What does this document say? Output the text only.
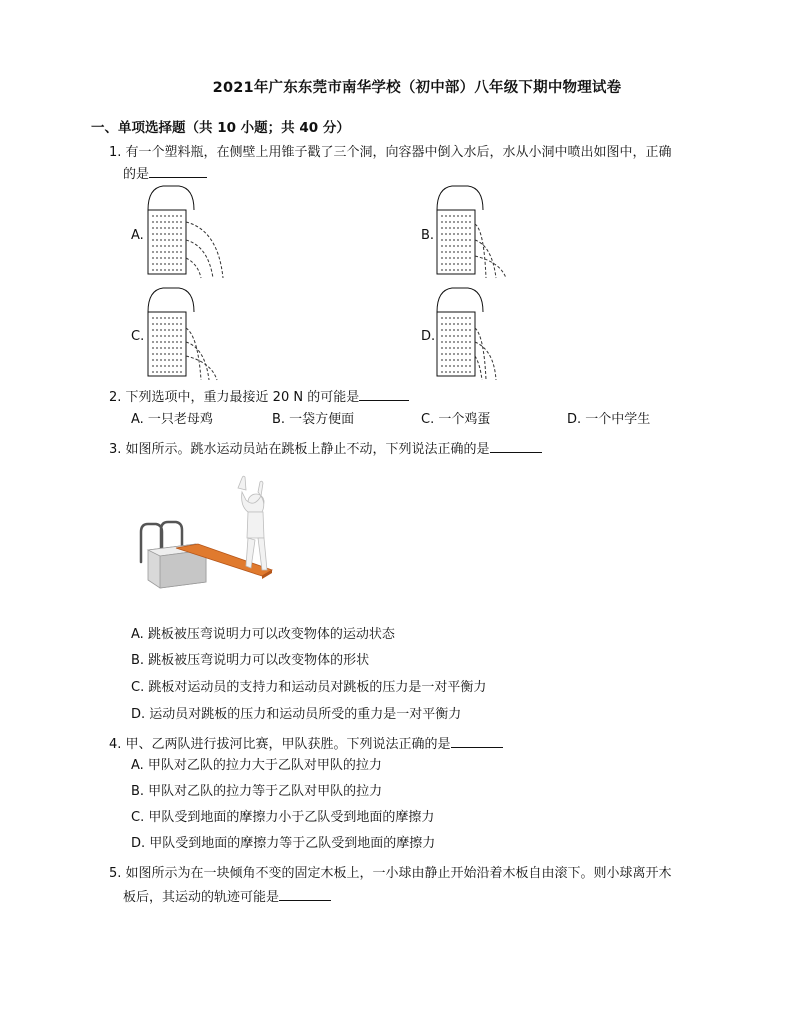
2021年广东东莞市南华学校（初中部）八年级下期中物理试卷
一、单项选择题（共 10 小题；共 40 分）
1. 有一个塑料瓶，在侧壁上用锥子戳了三个洞，向容器中倒入水后，水从小洞中喷出如图中，正确
的是
A.	B.
C.	D.
2. 下列选项中，重力最接近 20 N 的可能是
A. 一只老母鸡	B. 一袋方便面	C. 一个鸡蛋	D. 一个中学生
3. 如图所示。跳水运动员站在跳板上静止不动，下列说法正确的是
A. 跳板被压弯说明力可以改变物体的运动状态
B. 跳板被压弯说明力可以改变物体的形状
C. 跳板对运动员的支持力和运动员对跳板的压力是一对平衡力
D. 运动员对跳板的压力和运动员所受的重力是一对平衡力
4. 甲、乙两队进行拔河比赛，甲队获胜。下列说法正确的是
A. 甲队对乙队的拉力大于乙队对甲队的拉力
B. 甲队对乙队的拉力等于乙队对甲队的拉力
C. 甲队受到地面的摩擦力小于乙队受到地面的摩擦力
D. 甲队受到地面的摩擦力等于乙队受到地面的摩擦力
5. 如图所示为在一块倾角不变的固定木板上，一小球由静止开始沿着木板自由滚下。则小球离开木
板后，其运动的轨迹可能是
